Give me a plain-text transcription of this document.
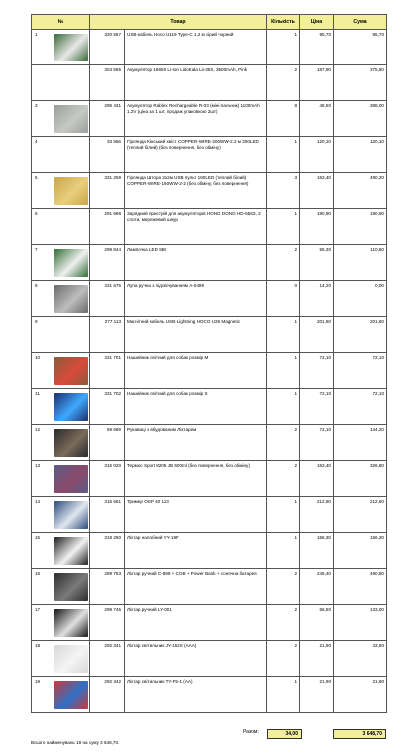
№	Товар		Кількість	Ціна	Сума
1	320 557	USB-кабель Hoco U119 Type-C 1,2 м сірий чорний	1	95,70	95,70
	304 555	Акумулятор 18650 Li-Ion LiitoKala Lii-35S, 3500mAh, Pink	2	187,90	375,80
3	295 431	Акумулятор Rablex Rechargeable R-03 (міні-пальчик) 1100mAh 1.2V (ціна за 1 шт, продаж упаковкою 2шт)	8	48,50	388,00
4	33 556	Гірлянда Кінський хвіст COPPER-WIRE-200WW-2.2 м 200LED (теплий білий) (без повернення, без обміну)	1	120,10	120,10
5	331 259	Гірлянда Штора 2х2м USB пульт 160LED (теплий білий) COPPER-WIRE-160WW-2-2 (без обміну, без повернення)	3	163,40	490,20
6	291 698	Зарядний пристрій для акумуляторів HONG DONG HD-556З, 2 слоти, мережевий шнур	1	190,90	190,90
7	299 844	Лампочка LED 5Вт	2	55,30	110,60
8	331 675	Лупа ручна з підсвічуванням A-0499	0	14,20	0,00
9	277 113	Магнітний кабель USB-Lightning HOCO U28 Magnetic	1	201,60	201,60
10	331 701	Нашийник світний для собак розмір M	1	72,10	72,10
11	331 702	Нашийник світний для собак розмір S	1	72,10	72,10
12	59 669	Рукавиці з вбудованим Ліхтарем	2	72,10	144,20
13	315 020	Термос Sport 8205 JB 500ml (без повернення, без обміну)	2	163,40	326,80
14	316 661	Тример OSP 40 113	1	212,60	212,60
15	318 250	Ліхтар налобний YY-19F	1	156,30	156,30
16	289 753	Ліхтар ручний C-899 + COB + Power Bank + сонячна батарея	2	245,40	490,80
17	299 745	Ліхтар ручний LY-001	2	66,50	133,00
18	292 341	Ліхтар світильник JY-152S (AAA)	2	21,90	43,80
19	292 342	Ліхтар світильник TY-F5-1 (AA)	1	21,90	21,90
Разом:	34,00	3 648,70
Всього найменувань 19 на суму 3 648,70.
